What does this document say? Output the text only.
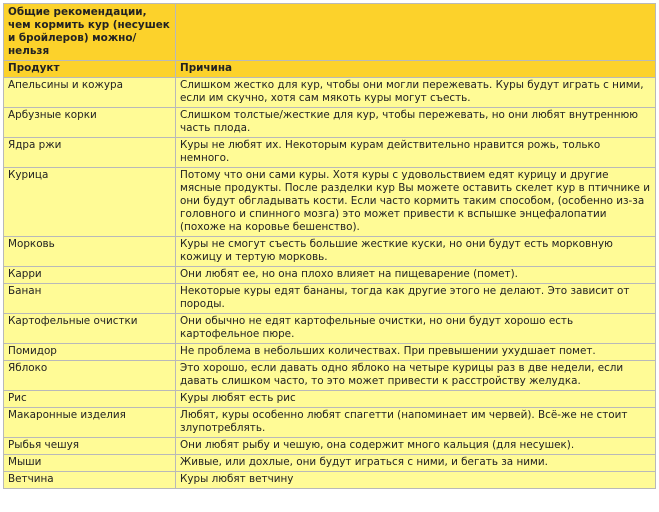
Общие рекомендации, чем кормить кур (несушек и бройлеров) можно/нельзя	
Продукт	Причина
Апельсины и кожура	Слишком жестко для кур, чтобы они могли пережевать. Куры будут играть с ними, если им скучно, хотя сам мякоть куры могут съесть.
Арбузные корки	Слишком толстые/жесткие для кур, чтобы пережевать, но они любят внутреннюю часть плода.
Ядра ржи	Куры не любят их. Некоторым курам действительно нравится рожь, только немного.
Курица	Потому что они сами куры. Хотя куры с удовольствием едят курицу и другие мясные продукты. После разделки кур Вы можете оставить скелет кур в птичнике и они будут обгладывать кости. Если часто кормить таким способом, (особенно из-за головного и спинного мозга) это может привести к вспышке энцефалопатии (похоже на коровье бешенство).
Морковь	Куры не смогут съесть большие жесткие куски, но они будут есть морковную кожицу и тертую морковь.
Карри	Они любят ее, но она плохо влияет на пищеварение (помет).
Банан	Некоторые куры едят бананы, тогда как другие этого не делают. Это зависит от породы.
Картофельные очистки	Они обычно не едят картофельные очистки, но они будут хорошо есть картофельное пюре.
Помидор	Не проблема в небольших количествах. При превышении ухудшает помет.
Яблоко	Это хорошо, если давать одно яблоко на четыре курицы раз в две недели, если давать слишком часто, то это может привести к расстройству желудка.
Рис	Куры любят есть рис
Макаронные изделия	Любят, куры особенно любят спагетти (напоминает им червей). Всё-же не стоит злупотреблять.
Рыбья чешуя	Они любят рыбу и чешую, она содержит много кальция (для несушек).
Мыши	Живые, или дохлые, они будут играться с ними, и бегать за ними.
Ветчина	Куры любят ветчину
